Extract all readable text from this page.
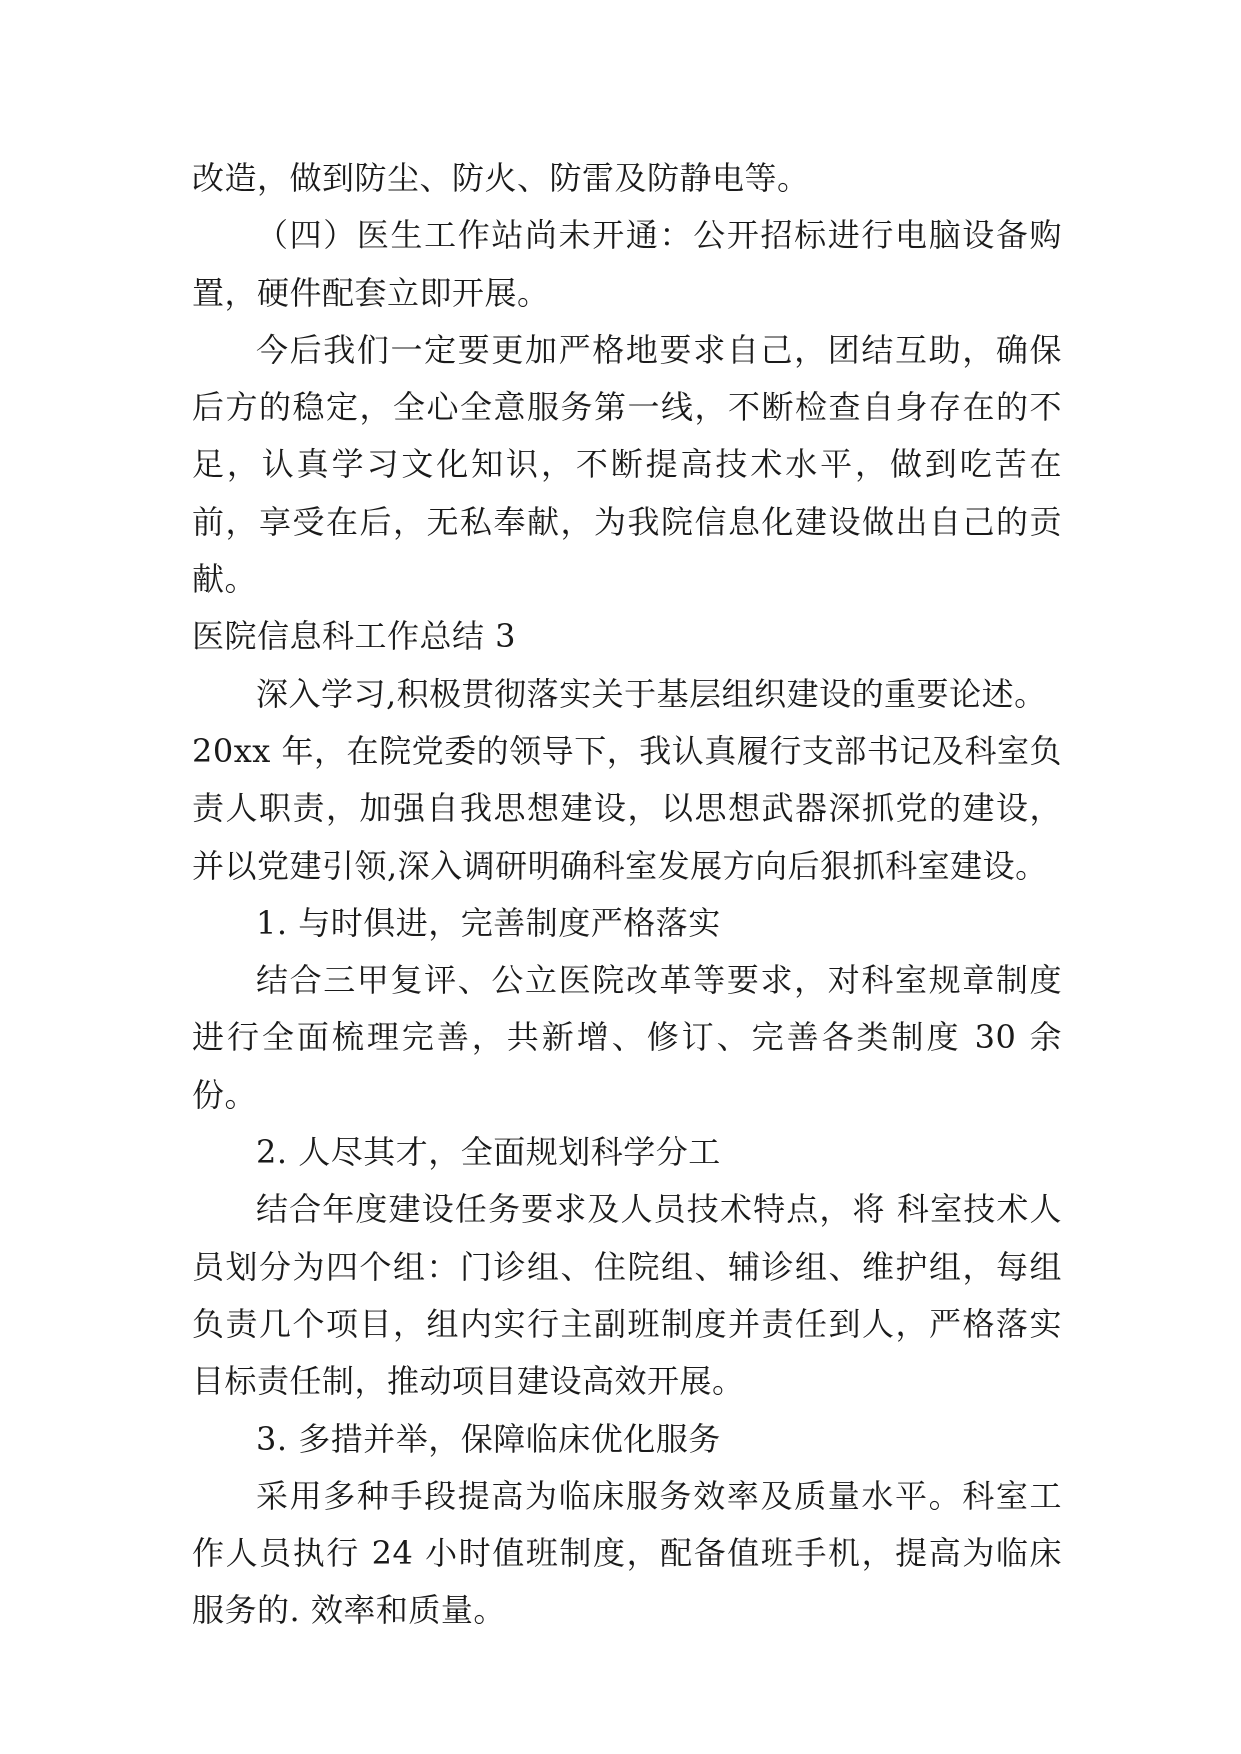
改造，做到防尘、防火、防雷及防静电等。

（四）医生工作站尚未开通：公开招标进行电脑设备购置，硬件配套立即开展。

今后我们一定要更加严格地要求自己，团结互助，确保后方的稳定，全心全意服务第一线，不断检查自身存在的不足，认真学习文化知识，不断提高技术水平，做到吃苦在前，享受在后，无私奉献，为我院信息化建设做出自己的贡献。

医院信息科工作总结 3

深入学习,积极贯彻落实关于基层组织建设的重要论述。

20xx 年，在院党委的领导下，我认真履行支部书记及科室负责人职责，加强自我思想建设，以思想武器深抓党的建设，并以党建引领,深入调研明确科室发展方向后狠抓科室建设。

1. 与时俱进，完善制度严格落实

结合三甲复评、公立医院改革等要求，对科室规章制度进行全面梳理完善，共新增、修订、完善各类制度 30 余份。

2. 人尽其才，全面规划科学分工

结合年度建设任务要求及人员技术特点，将 科室技术人员划分为四个组：门诊组、住院组、辅诊组、维护组，每组负责几个项目，组内实行主副班制度并责任到人，严格落实目标责任制，推动项目建设高效开展。

3. 多措并举，保障临床优化服务

采用多种手段提高为临床服务效率及质量水平。科室工作人员执行 24 小时值班制度，配备值班手机，提高为临床服务的. 效率和质量。
